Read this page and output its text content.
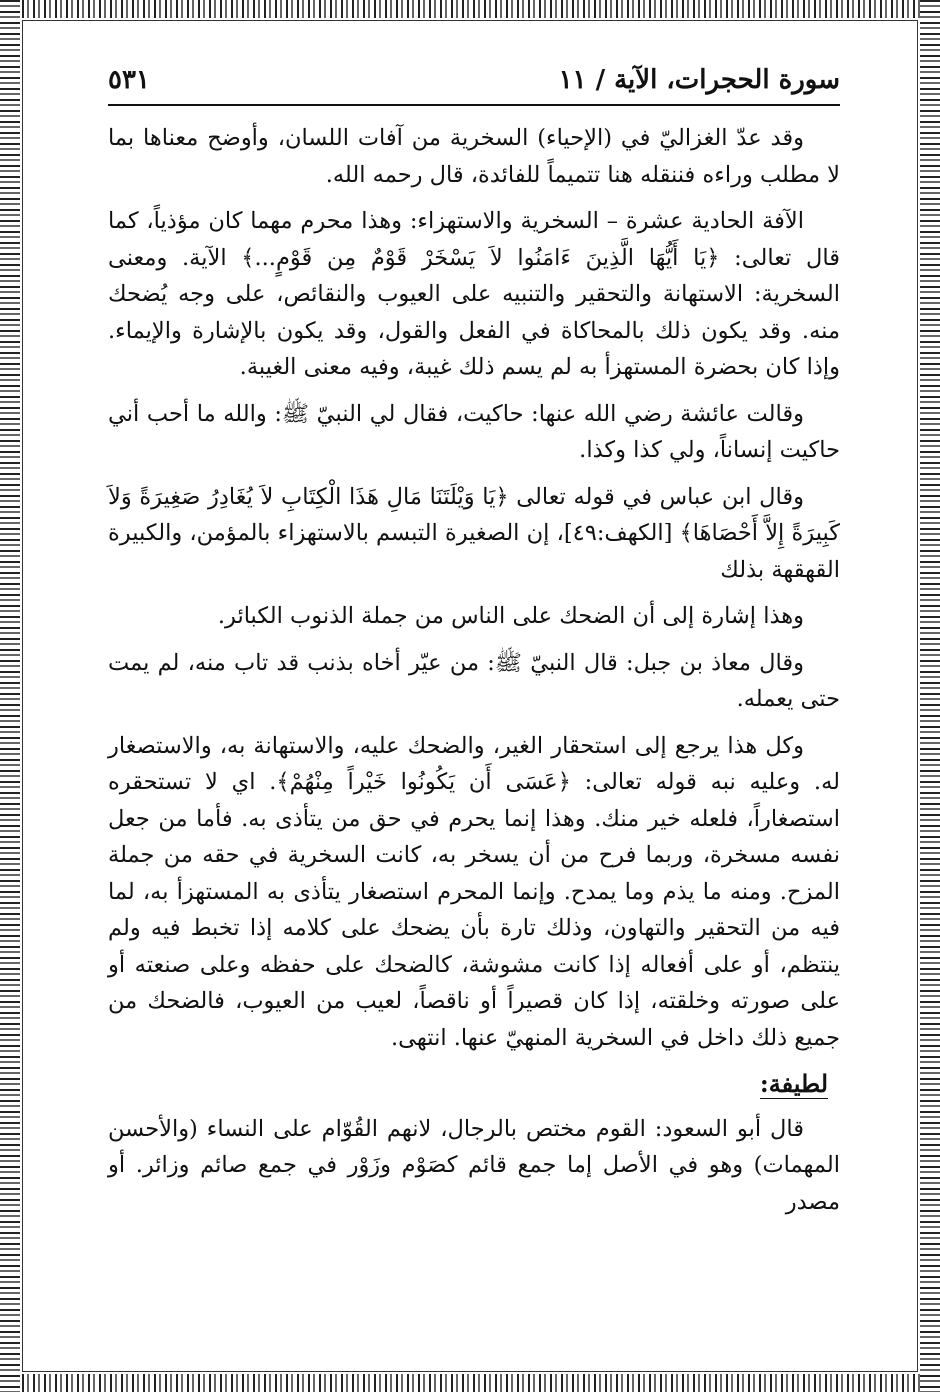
سورة الحجرات، الآية / ١١
٥٣١

وقد عدّ الغزاليّ في (الإحياء) السخرية من آفات اللسان، وأوضح معناها بما لا مطلب وراءه فننقله هنا تتميماً للفائدة، قال رحمه الله.

الآفة الحادية عشرة – السخرية والاستهزاء: وهذا محرم مهما كان مؤذياً، كما قال تعالى: ﴿يَا أَيُّهَا الَّذِينَ ءَامَنُوا لاَ يَسْخَرْ قَوْمٌ مِن قَوْمٍ...﴾ الآية. ومعنى السخرية: الاستهانة والتحقير والتنبيه على العيوب والنقائص، على وجه يُضحك منه. وقد يكون ذلك بالمحاكاة في الفعل والقول، وقد يكون بالإشارة والإيماء. وإذا كان بحضرة المستهزأ به لم يسم ذلك غيبة، وفيه معنى الغيبة.

وقالت عائشة رضي الله عنها: حاكيت، فقال لي النبيّ ﷺ: والله ما أحب أني حاكيت إنساناً، ولي كذا وكذا.

وقال ابن عباس في قوله تعالى ﴿يَا وَيْلَتَنَا مَالِ هَذَا الْكِتَابِ لاَ يُغَادِرُ صَغِيرَةً وَلاَ كَبِيرَةً إِلاَّ أَحْصَاهَا﴾ [الكهف:٤٩]، إن الصغيرة التبسم بالاستهزاء بالمؤمن، والكبيرة القهقهة بذلك

وهذا إشارة إلى أن الضحك على الناس من جملة الذنوب الكبائر.

وقال معاذ بن جبل: قال النبيّ ﷺ: من عيّر أخاه بذنب قد تاب منه، لم يمت حتى يعمله.

وكل هذا يرجع إلى استحقار الغير، والضحك عليه، والاستهانة به، والاستصغار له. وعليه نبه قوله تعالى: ﴿عَسَى أَن يَكُونُوا خَيْراً مِنْهُمْ﴾. اي لا تستحقره استصغاراً، فلعله خير منك. وهذا إنما يحرم في حق من يتأذى به. فأما من جعل نفسه مسخرة، وربما فرح من أن يسخر به، كانت السخرية في حقه من جملة المزح. ومنه ما يذم وما يمدح. وإنما المحرم استصغار يتأذى به المستهزأ به، لما فيه من التحقير والتهاون، وذلك تارة بأن يضحك على كلامه إذا تخبط فيه ولم ينتظم، أو على أفعاله إذا كانت مشوشة، كالضحك على حفظه وعلى صنعته أو على صورته وخلقته، إذا كان قصيراً أو ناقصاً، لعيب من العيوب، فالضحك من جميع ذلك داخل في السخرية المنهيّ عنها. انتهى.

لطيفة:

قال أبو السعود: القوم مختص بالرجال، لانهم القُوّام على النساء (والأحسن المهمات) وهو في الأصل إما جمع قائم كصَوْم وزَوْر في جمع صائم وزائر. أو مصدر
